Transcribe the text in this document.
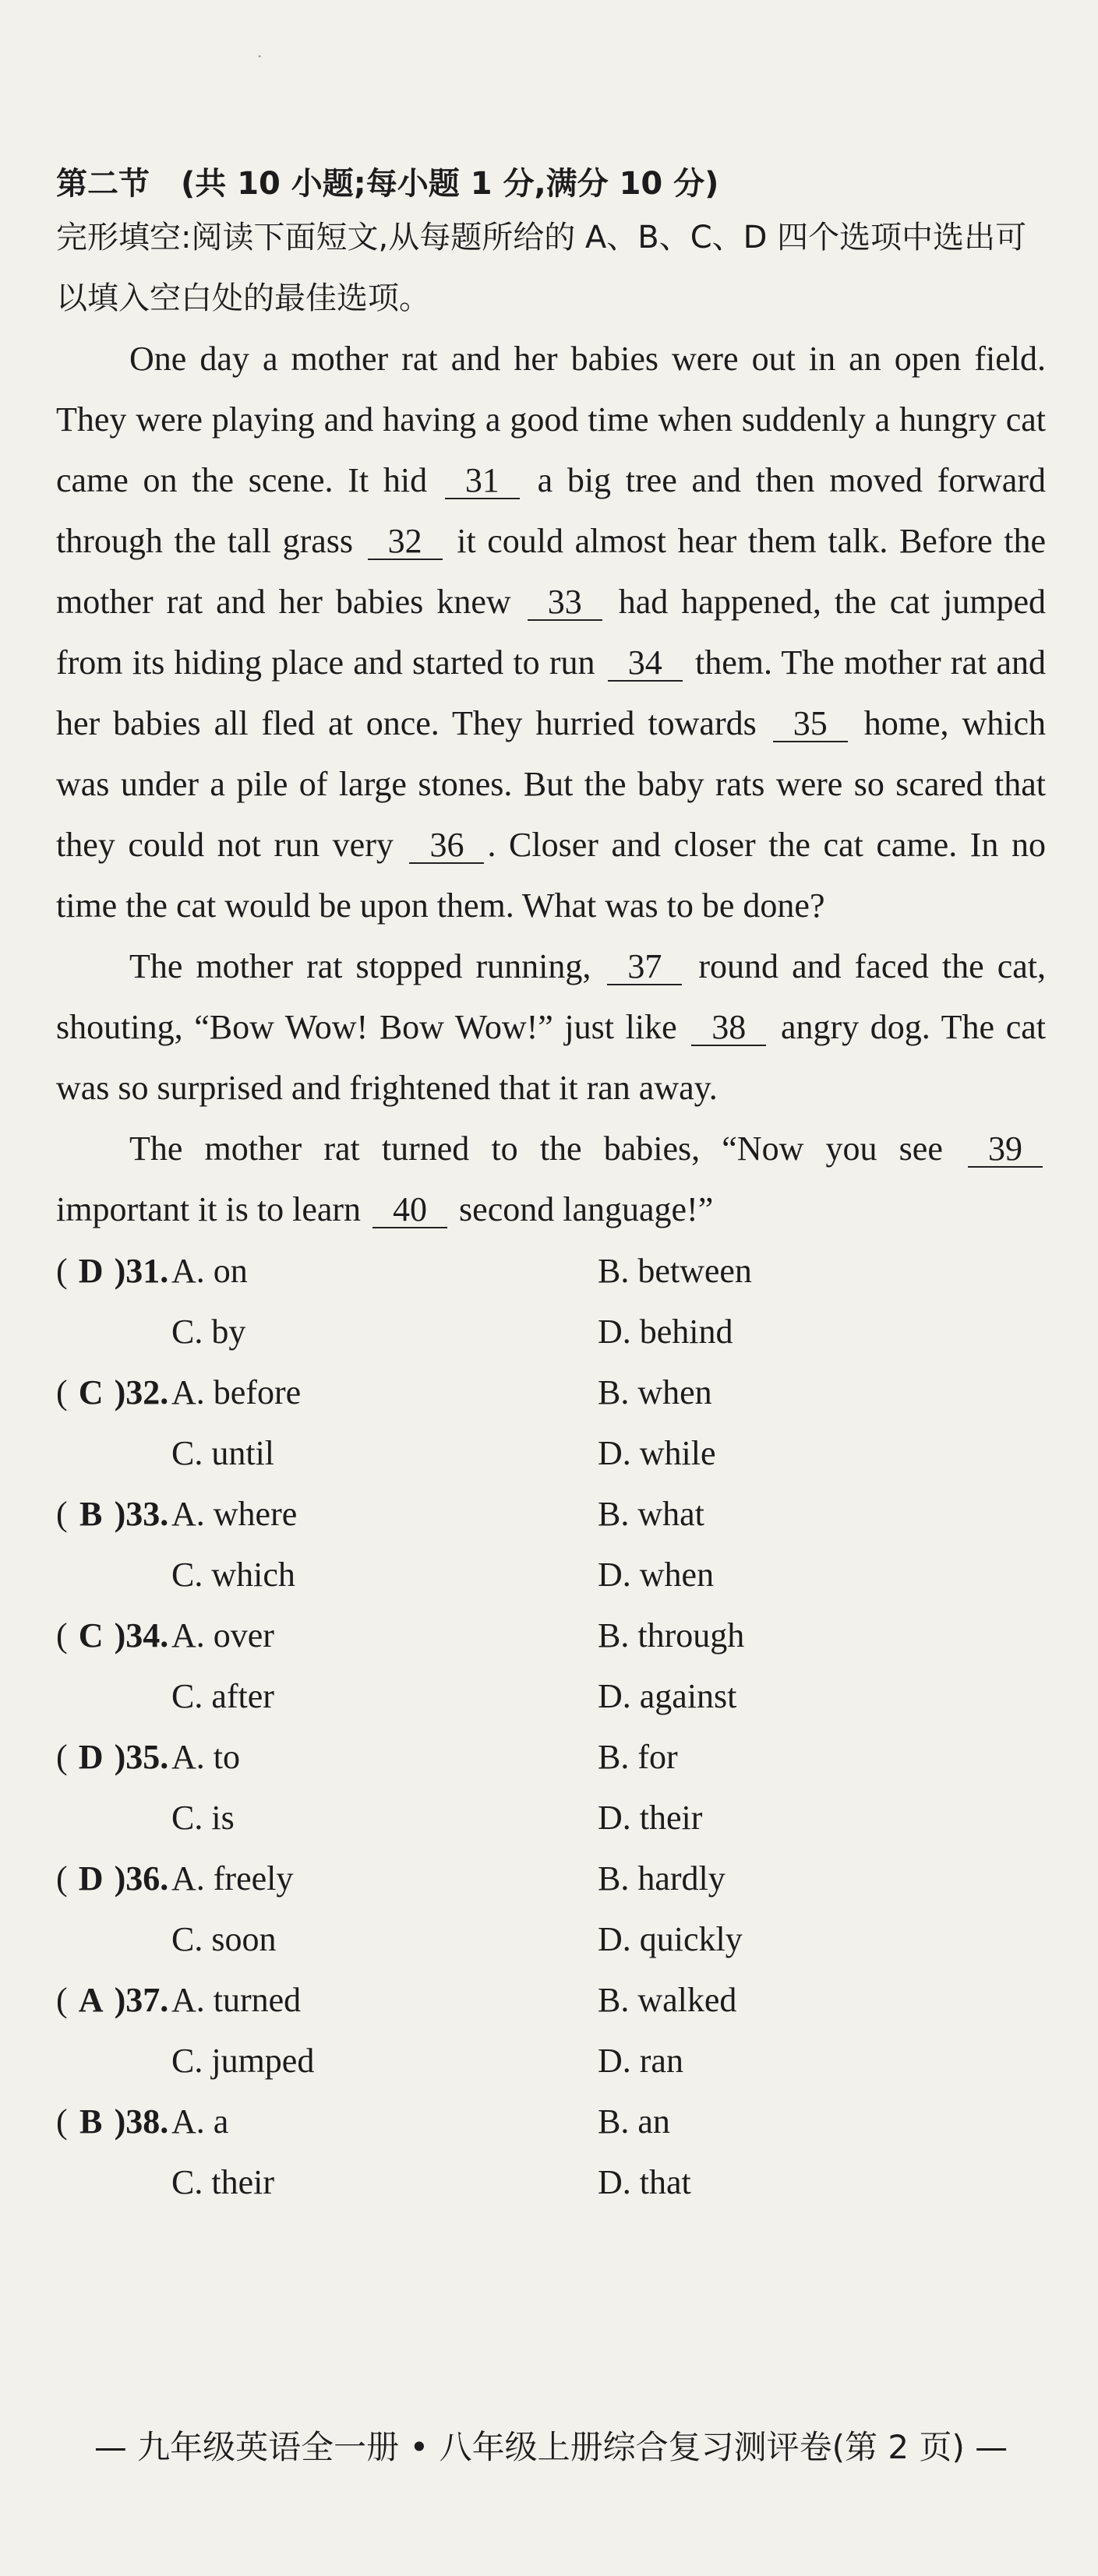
·

第二节　(共 10 小题;每小题 1 分,满分 10 分)

完形填空:阅读下面短文,从每题所给的 A、B、C、D 四个选项中选出可以填入空白处的最佳选项。

One day a mother rat and her babies were out in an open field. They were playing and having a good time when suddenly a hungry cat came on the scene. It hid 31 a big tree and then moved forward through the tall grass 32 it could almost hear them talk. Before the mother rat and her babies knew 33 had happened, the cat jumped from its hiding place and started to run 34 them. The mother rat and her babies all fled at once. They hurried towards 35 home, which was under a pile of large stones. But the baby rats were so scared that they could not run very 36 . Closer and closer the cat came. In no time the cat would be upon them. What was to be done?

The mother rat stopped running, 37 round and faced the cat, shouting, “Bow Wow! Bow Wow!” just like 38 angry dog. The cat was so surprised and frightened that it ran away.

The mother rat turned to the babies, “Now you see 39 important it is to learn 40 second language!”

( D )31. A. on	B. between
C. by	D. behind
( C )32. A. before	B. when
C. until	D. while
( B )33. A. where	B. what
C. which	D. when
( C )34. A. over	B. through
C. after	D. against
( D )35. A. to	B. for
C. is	D. their
( D )36. A. freely	B. hardly
C. soon	D. quickly
( A )37. A. turned	B. walked
C. jumped	D. ran
( B )38. A. a	B. an
C. their	D. that
— 九年级英语全一册 • 八年级上册综合复习测评卷(第 2 页) —
